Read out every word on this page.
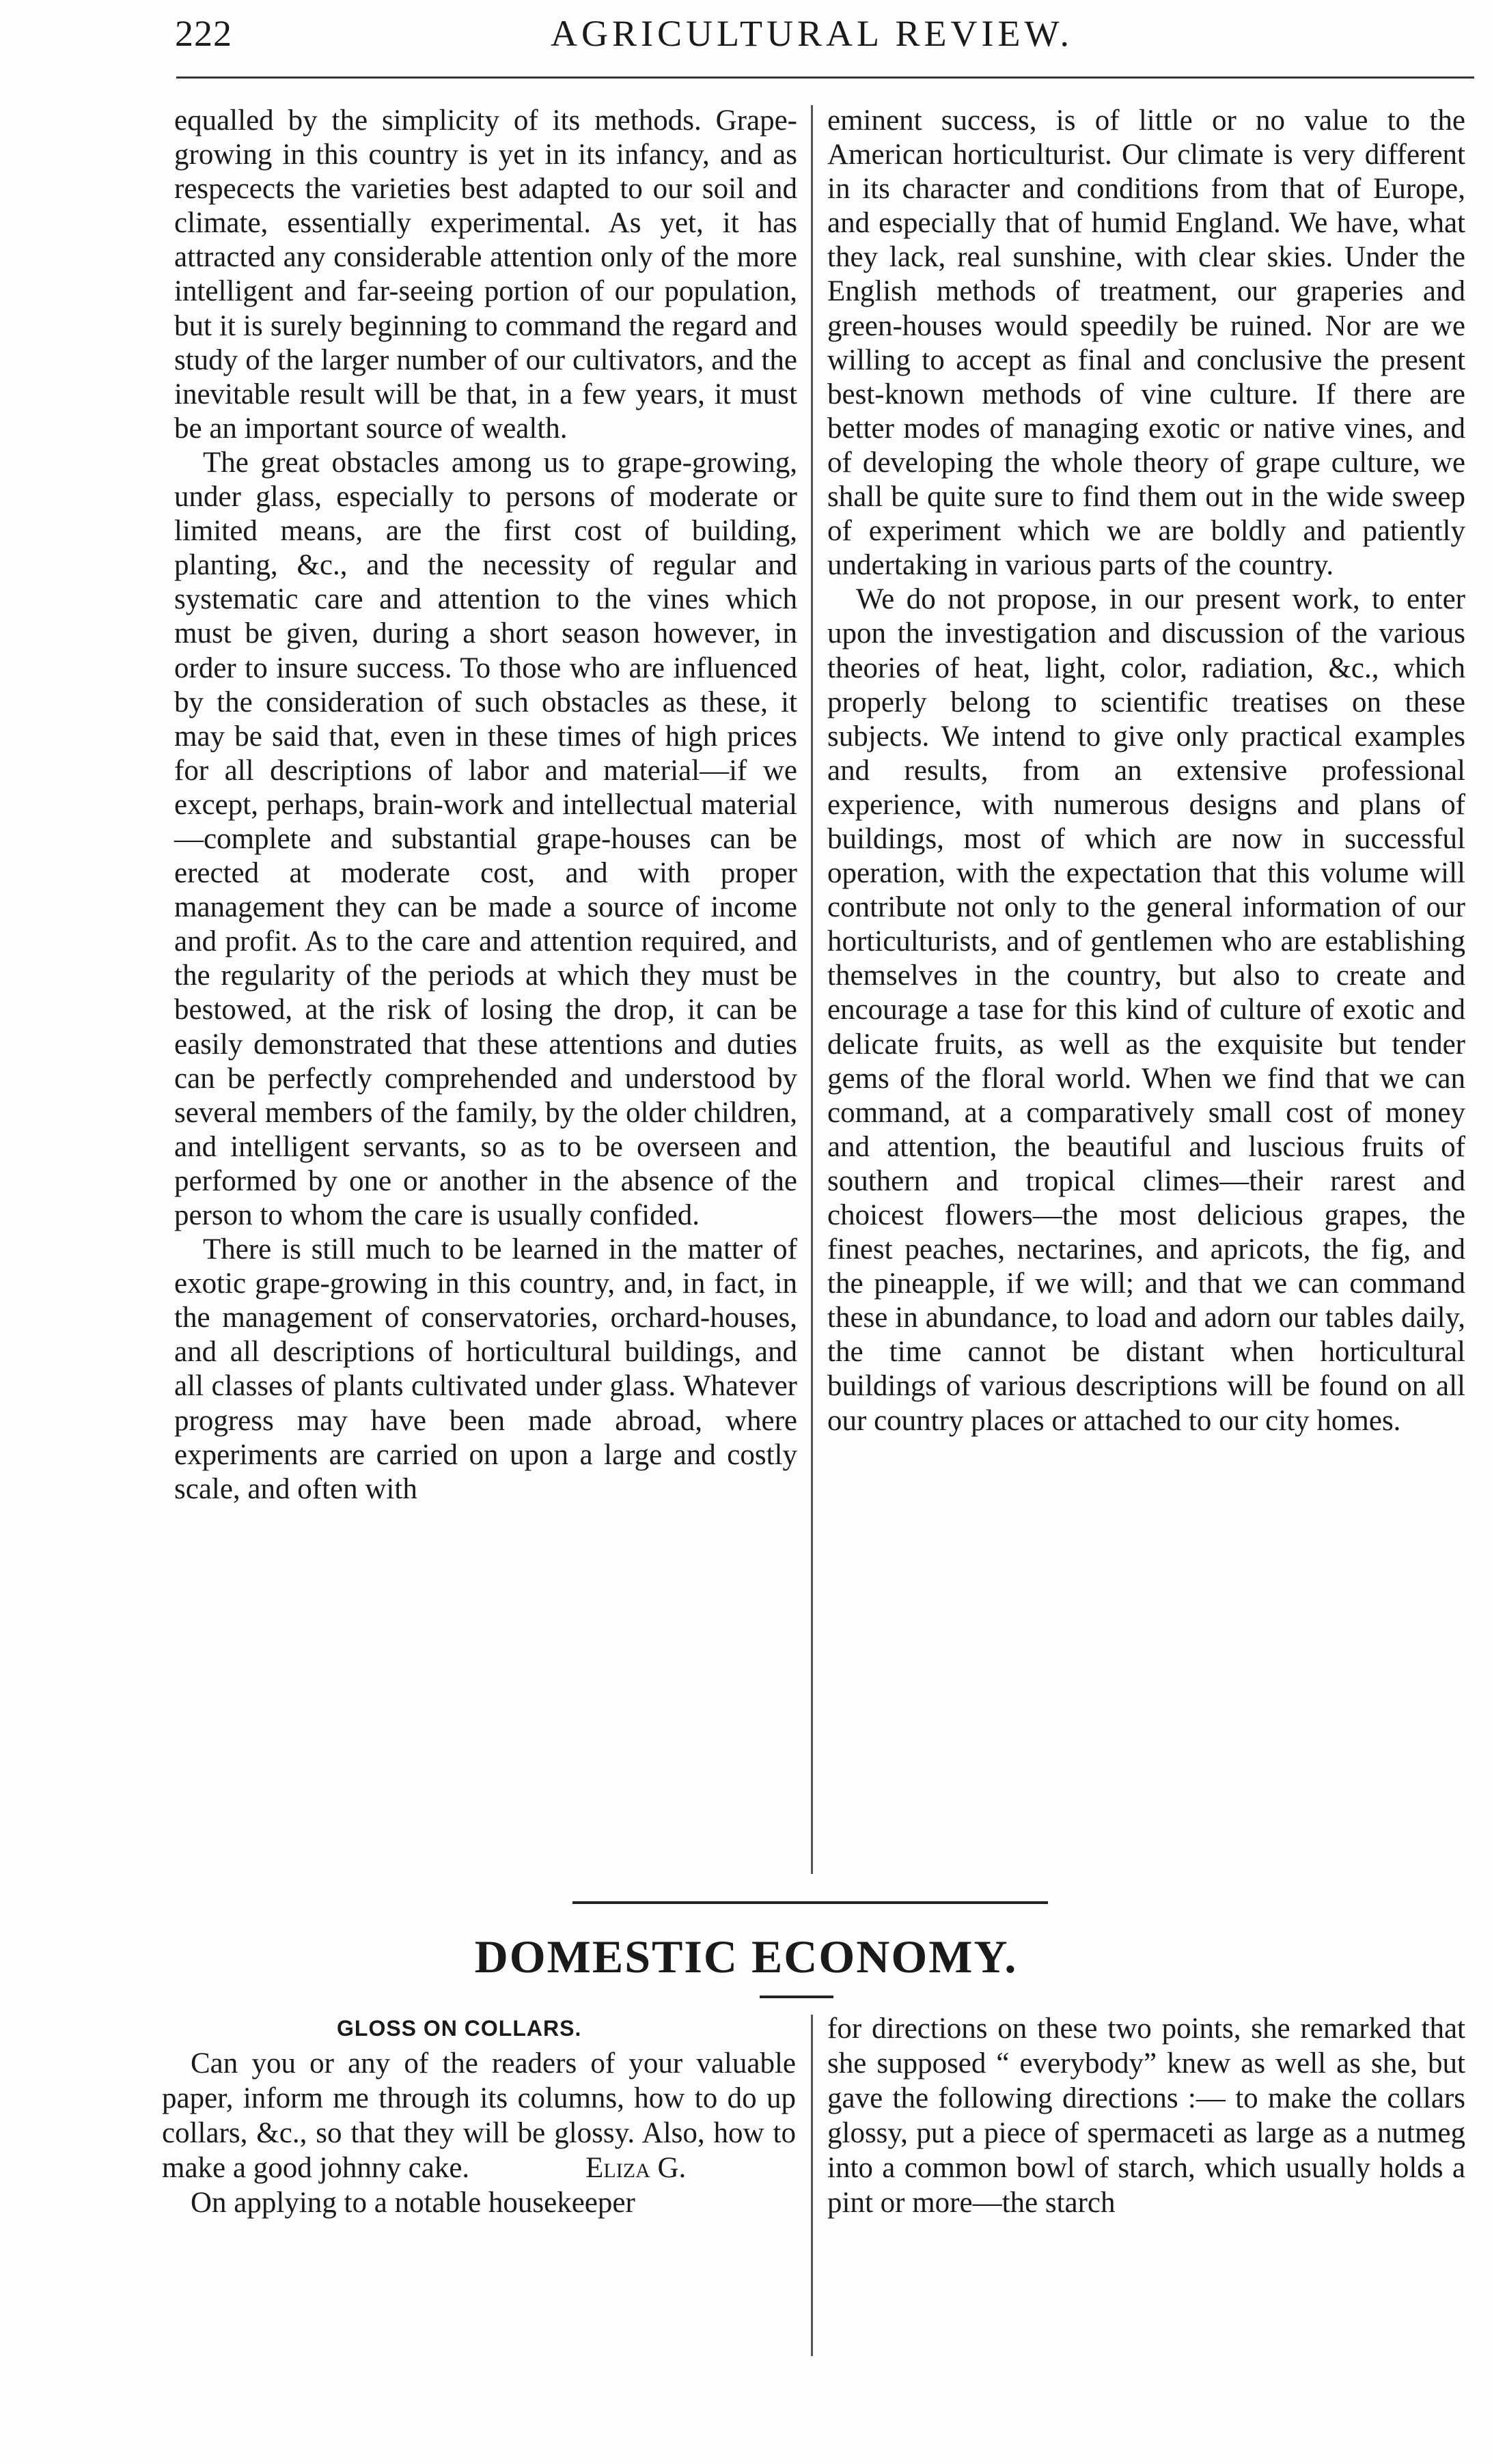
222	AGRICULTURAL REVIEW.

equalled by the simplicity of its methods. Grape-growing in this country is yet in its infancy, and as respecects the varieties best adapted to our soil and climate, essentially experimental. As yet, it has attracted any considerable attention only of the more intelligent and far-seeing portion of our population, but it is surely beginning to command the regard and study of the larger number of our cultivators, and the inevitable result will be that, in a few years, it must be an important source of wealth.

The great obstacles among us to grape-growing, under glass, especially to persons of moderate or limited means, are the first cost of building, planting, &c., and the necessity of regular and systematic care and attention to the vines which must be given, during a short season however, in order to insure success. To those who are influenced by the consideration of such obstacles as these, it may be said that, even in these times of high prices for all descriptions of labor and material—if we except, perhaps, brain-work and intellectual material—complete and substantial grape-houses can be erected at moderate cost, and with proper management they can be made a source of income and profit. As to the care and attention required, and the regularity of the periods at which they must be bestowed, at the risk of losing the drop, it can be easily demonstrated that these attentions and duties can be perfectly comprehended and understood by several members of the family, by the older children, and intelligent servants, so as to be overseen and performed by one or another in the absence of the person to whom the care is usually confided.

There is still much to be learned in the matter of exotic grape-growing in this country, and, in fact, in the management of conservatories, orchard-houses, and all descriptions of horticultural buildings, and all classes of plants cultivated under glass. Whatever progress may have been made abroad, where experiments are carried on upon a large and costly scale, and often with

eminent success, is of little or no value to the American horticulturist. Our climate is very different in its character and conditions from that of Europe, and especially that of humid England. We have, what they lack, real sunshine, with clear skies. Under the English methods of treatment, our graperies and green-houses would speedily be ruined. Nor are we willing to accept as final and conclusive the present best-known methods of vine culture. If there are better modes of managing exotic or native vines, and of developing the whole theory of grape culture, we shall be quite sure to find them out in the wide sweep of experiment which we are boldly and patiently undertaking in various parts of the country.

We do not propose, in our present work, to enter upon the investigation and discussion of the various theories of heat, light, color, radiation, &c., which properly belong to scientific treatises on these subjects. We intend to give only practical examples and results, from an extensive professional experience, with numerous designs and plans of buildings, most of which are now in successful operation, with the expectation that this volume will contribute not only to the general information of our horticulturists, and of gentlemen who are establishing themselves in the country, but also to create and encourage a tase for this kind of culture of exotic and delicate fruits, as well as the exquisite but tender gems of the floral world. When we find that we can command, at a comparatively small cost of money and attention, the beautiful and luscious fruits of southern and tropical climes—their rarest and choicest flowers—the most delicious grapes, the finest peaches, nectarines, and apricots, the fig, and the pineapple, if we will; and that we can command these in abundance, to load and adorn our tables daily, the time cannot be distant when horticultural buildings of various descriptions will be found on all our country places or attached to our city homes.

DOMESTIC ECONOMY.

GLOSS ON COLLARS.

Can you or any of the readers of your valuable paper, inform me through its columns, how to do up collars, &c., so that they will be glossy. Also, how to make a good johnny cake.	Eliza G.

On applying to a notable housekeeper

for directions on these two points, she remarked that she supposed “ everybody” knew as well as she, but gave the following directions :— to make the collars glossy, put a piece of spermaceti as large as a nutmeg into a common bowl of starch, which usually holds a pint or more—the starch
